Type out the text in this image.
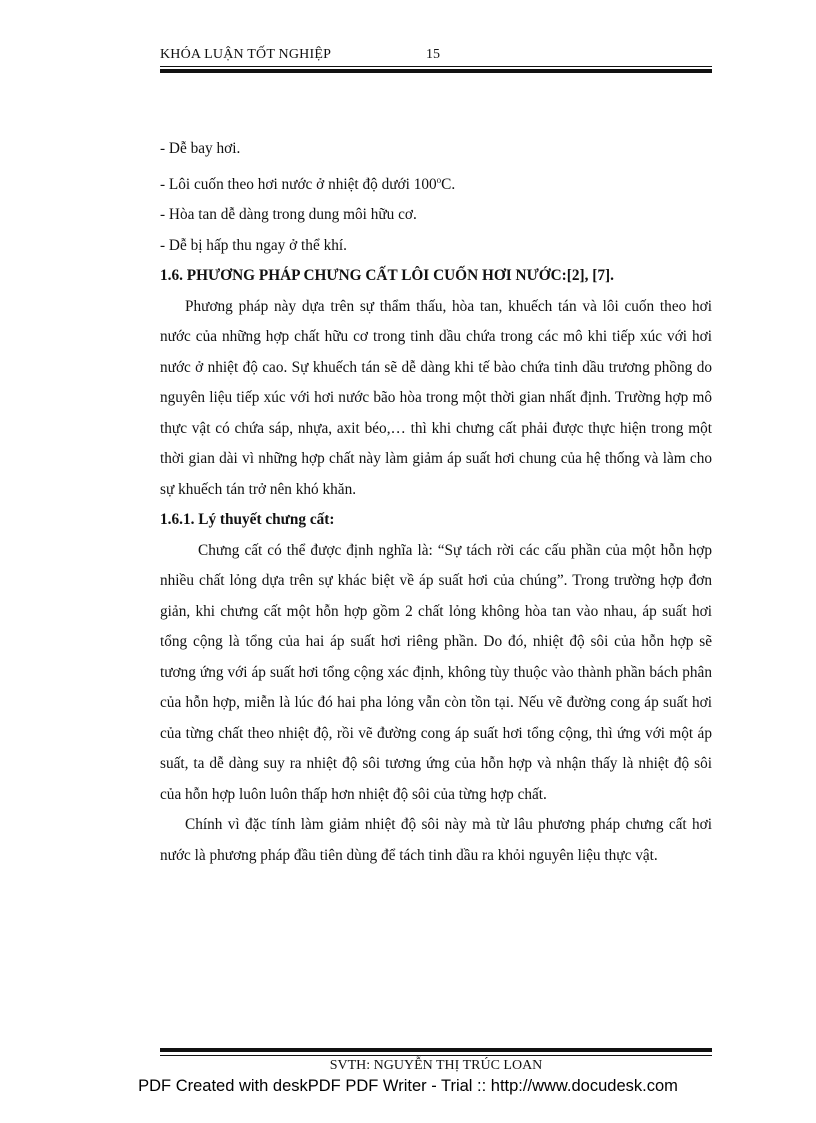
KHÓA LUẬN TỐT NGHIỆP	15

- Dễ bay hơi.

- Lôi cuốn theo hơi nước ở nhiệt độ dưới 100$^o$C.

- Hòa tan dễ dàng trong dung môi hữu cơ.

- Dễ bị hấp thu ngay ở thể khí.

1.6. PHƯƠNG PHÁP CHƯNG CẤT LÔI CUỐN HƠI NƯỚC:[2], [7].

Phương pháp này dựa trên sự thẩm thấu, hòa tan, khuếch tán và lôi cuốn theo hơi nước của những hợp chất hữu cơ trong tinh dầu chứa trong các mô khi tiếp xúc với hơi nước ở nhiệt độ cao. Sự khuếch tán sẽ dễ dàng khi tế bào chứa tinh dầu trương phồng do nguyên liệu tiếp xúc với hơi nước bão hòa trong một thời gian nhất định. Trường hợp mô thực vật có chứa sáp, nhựa, axit béo,… thì khi chưng cất phải được thực hiện trong một thời gian dài vì những hợp chất này làm giảm áp suất hơi chung của hệ thống và làm cho sự khuếch tán trở nên khó khăn.

1.6.1. Lý thuyết chưng cất:

Chưng cất có thể được định nghĩa là: “Sự tách rời các cấu phần của một hỗn hợp nhiều chất lỏng dựa trên sự khác biệt về áp suất hơi của chúng”. Trong trường hợp đơn giản, khi chưng cất một hỗn hợp gồm 2 chất lỏng không hòa tan vào nhau, áp suất hơi tổng cộng là tổng của hai áp suất hơi riêng phần. Do đó, nhiệt độ sôi của hỗn hợp sẽ tương ứng với áp suất hơi tổng cộng xác định, không tùy thuộc vào thành phần bách phân của hỗn hợp, miễn là lúc đó hai pha lỏng vẫn còn tồn tại. Nếu vẽ đường cong áp suất hơi của từng chất theo nhiệt độ, rồi vẽ đường cong áp suất hơi tổng cộng, thì ứng với một áp suất, ta dễ dàng suy ra nhiệt độ sôi tương ứng của hỗn hợp và nhận thấy là nhiệt độ sôi của hỗn hợp luôn luôn thấp hơn nhiệt độ sôi của từng hợp chất.

Chính vì đặc tính làm giảm nhiệt độ sôi này mà từ lâu phương pháp chưng cất hơi nước là phương pháp đầu tiên dùng để tách tinh dầu ra khỏi nguyên liệu thực vật.

SVTH: NGUYỄN THỊ TRÚC LOAN
PDF Created with deskPDF PDF Writer - Trial :: http://www.docudesk.com
